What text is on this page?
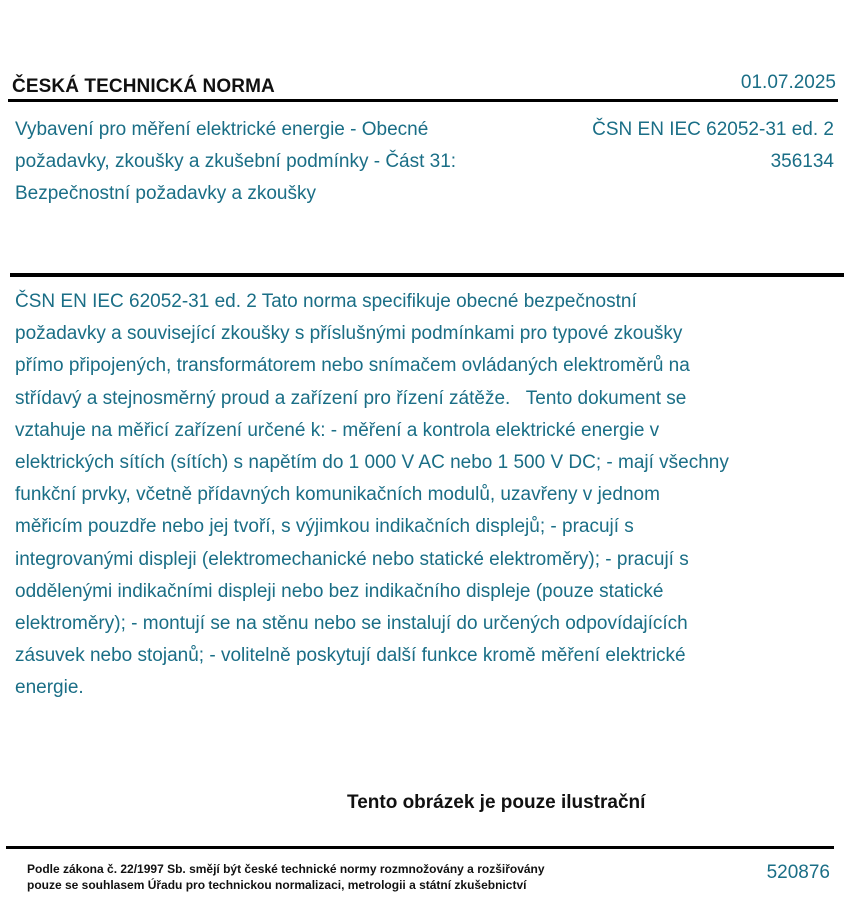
ČESKÁ TECHNICKÁ NORMA	01.07.2025
Vybavení pro měření elektrické energie - Obecné požadavky, zkoušky a zkušební podmínky - Část 31: Bezpečnostní požadavky a zkoušky
ČSN EN IEC 62052-31 ed. 2
356134
ČSN EN IEC 62052-31 ed. 2 Tato norma specifikuje obecné bezpečnostní požadavky a související zkoušky s příslušnými podmínkami pro typové zkoušky přímo připojených, transformátorem nebo snímačem ovládaných elektroměrů na střídavý a stejnosměrný proud a zařízení pro řízení zátěže.   Tento dokument se vztahuje na měřicí zařízení určené k: - měření a kontrola elektrické energie v elektrických sítích (sítích) s napětím do 1 000 V AC nebo 1 500 V DC; - mají všechny funkční prvky, včetně přídavných komunikačních modulů, uzavřeny v jednom měřicím pouzdře nebo jej tvoří, s výjimkou indikačních displejů; - pracují s integrovanými displeji (elektromechanické nebo statické elektroměry); - pracují s oddělenými indikačními displeji nebo bez indikačního displeje (pouze statické elektroměry); - montují se na stěnu nebo se instalují do určených odpovídajících zásuvek nebo stojanů; - volitelně poskytují další funkce kromě měření elektrické energie.
Tento obrázek je pouze ilustrační
Podle zákona č. 22/1997 Sb. smějí být české technické normy rozmnožovány a rozšiřovány
pouze se souhlasem Úřadu pro technickou normalizaci, metrologii a státní zkušebnictví
520876
